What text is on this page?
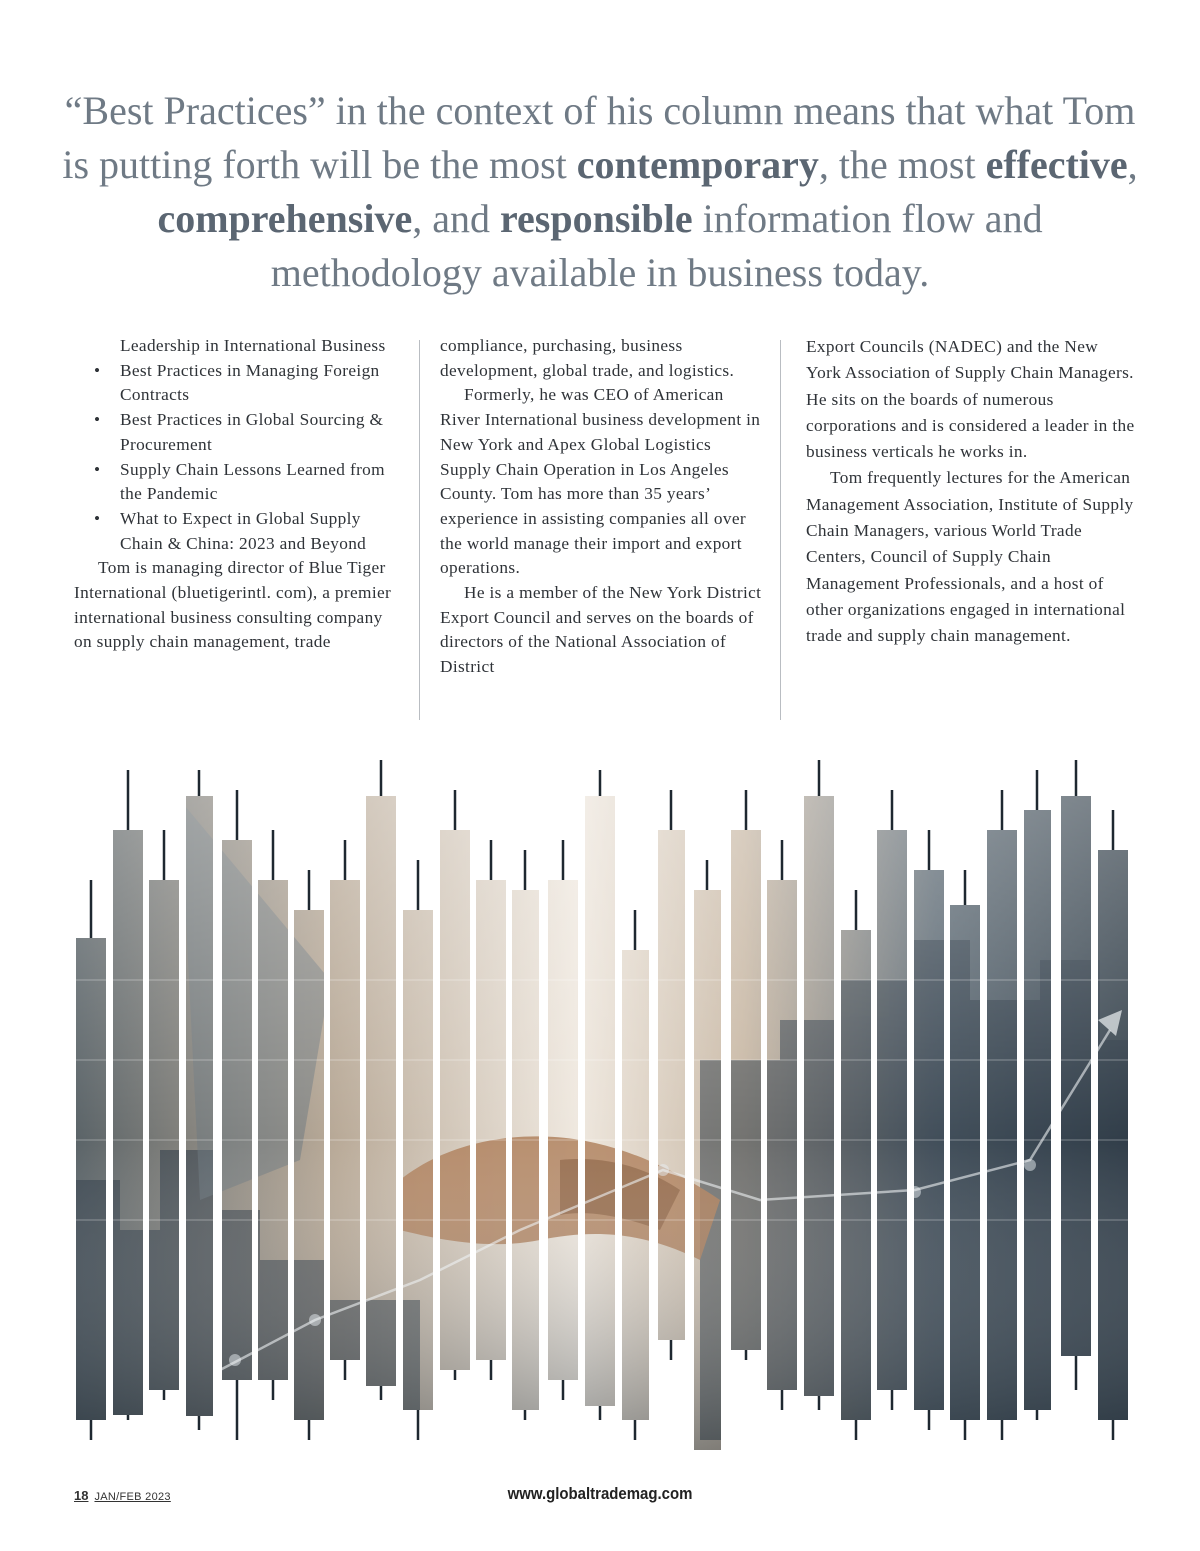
“Best Practices” in the context of his column means that what Tom is putting forth will be the most contemporary, the most effective, comprehensive, and responsible information flow and methodology available in business today.

Leadership in International Business

• Best Practices in Managing Foreign Contracts

• Best Practices in Global Sourcing & Procurement

• Supply Chain Lessons Learned from the Pandemic

• What to Expect in Global Supply Chain & China: 2023 and Beyond

Tom is managing director of Blue Tiger International (bluetigerintl. com), a premier international business consulting company on supply chain management, trade

compliance, purchasing, business development, global trade, and logistics.

Formerly, he was CEO of American River International business development in New York and Apex Global Logistics Supply Chain Operation in Los Angeles County. Tom has more than 35 years’ experience in assisting companies all over the world manage their import and export operations.

He is a member of the New York District Export Council and serves on the boards of directors of the National Association of District

Export Councils (NADEC) and the New York Association of Supply Chain Managers. He sits on the boards of numerous corporations and is considered a leader in the business verticals he works in.

Tom frequently lectures for the American Management Association, Institute of Supply Chain Managers, various World Trade Centers, Council of Supply Chain Management Professionals, and a host of other organizations engaged in international trade and supply chain management.

18 JAN/FEB 2023	www.globaltrademag.com
